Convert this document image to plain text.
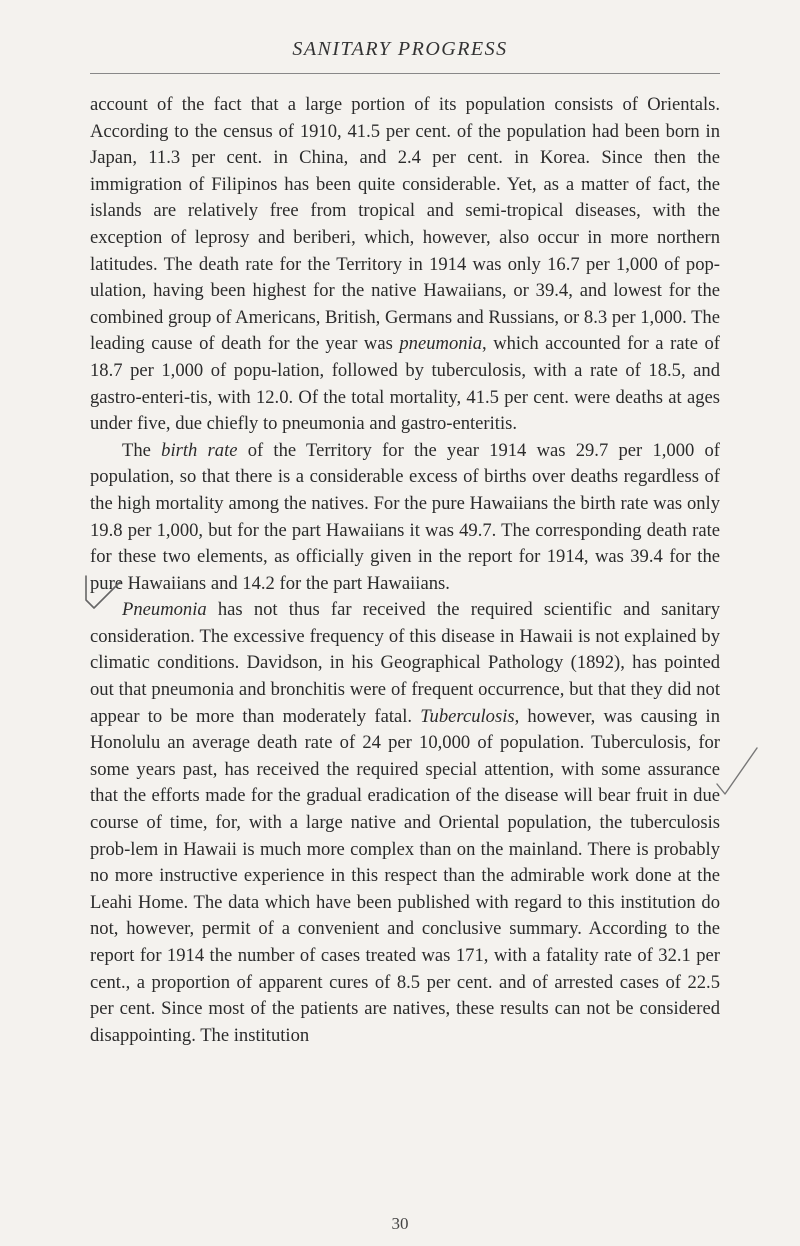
SANITARY PROGRESS

account of the fact that a large portion of its population consists of Orientals. According to the census of 1910, 41.5 per cent. of the population had been born in Japan, 11.3 per cent. in China, and 2.4 per cent. in Korea. Since then the immigration of Filipinos has been quite considerable. Yet, as a matter of fact, the islands are relatively free from tropical and semi-tropical diseases, with the exception of leprosy and beriberi, which, however, also occur in more northern latitudes. The death rate for the Territory in 1914 was only 16.7 per 1,000 of pop-ulation, having been highest for the native Hawaiians, or 39.4, and lowest for the combined group of Americans, British, Germans and Russians, or 8.3 per 1,000. The leading cause of death for the year was pneumonia, which accounted for a rate of 18.7 per 1,000 of popu-lation, followed by tuberculosis, with a rate of 18.5, and gastro-enteri-tis, with 12.0. Of the total mortality, 41.5 per cent. were deaths at ages under five, due chiefly to pneumonia and gastro-enteritis.

The birth rate of the Territory for the year 1914 was 29.7 per 1,000 of population, so that there is a considerable excess of births over deaths regardless of the high mortality among the natives. For the pure Hawaiians the birth rate was only 19.8 per 1,000, but for the part Hawaiians it was 49.7. The corresponding death rate for these two elements, as officially given in the report for 1914, was 39.4 for the pure Hawaiians and 14.2 for the part Hawaiians.

Pneumonia has not thus far received the required scientific and sanitary consideration. The excessive frequency of this disease in Hawaii is not explained by climatic conditions. Davidson, in his Geographical Pathology (1892), has pointed out that pneumonia and bronchitis were of frequent occurrence, but that they did not appear to be more than moderately fatal. Tuberculosis, however, was causing in Honolulu an average death rate of 24 per 10,000 of population. Tuberculosis, for some years past, has received the required special attention, with some assurance that the efforts made for the gradual eradication of the disease will bear fruit in due course of time, for, with a large native and Oriental population, the tuberculosis prob-lem in Hawaii is much more complex than on the mainland. There is probably no more instructive experience in this respect than the admirable work done at the Leahi Home. The data which have been published with regard to this institution do not, however, permit of a convenient and conclusive summary. According to the report for 1914 the number of cases treated was 171, with a fatality rate of 32.1 per cent., a proportion of apparent cures of 8.5 per cent. and of arrested cases of 22.5 per cent. Since most of the patients are natives, these results can not be considered disappointing. The institution

30
